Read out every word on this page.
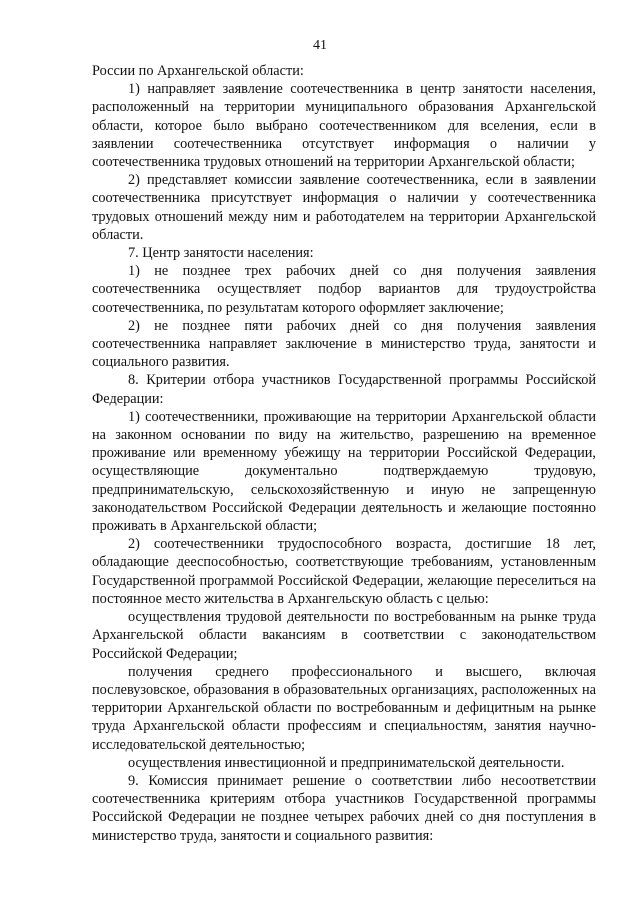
41

России по Архангельской области:

1) направляет заявление соотечественника в центр занятости населения, расположенный на территории муниципального образования Архангельской области, которое было выбрано соотечественником для вселения, если в заявлении соотечественника отсутствует информация о наличии у соотечественника трудовых отношений на территории Архангельской области;

2) представляет комиссии заявление соотечественника, если в заявлении соотечественника присутствует информация о наличии у соотечественника трудовых отношений между ним и работодателем на территории Архангельской области.

7. Центр занятости населения:

1) не позднее трех рабочих дней со дня получения заявления соотечественника осуществляет подбор вариантов для трудоустройства соотечественника, по результатам которого оформляет заключение;

2) не позднее пяти рабочих дней со дня получения заявления соотечественника направляет заключение в министерство труда, занятости и социального развития.

8. Критерии отбора участников Государственной программы Российской Федерации:

1) соотечественники, проживающие на территории Архангельской области на законном основании по виду на жительство, разрешению на временное проживание или временному убежищу на территории Российской Федерации, осуществляющие документально подтверждаемую трудовую, предпринимательскую, сельскохозяйственную и иную не запрещенную законодательством Российской Федерации деятельность и желающие постоянно проживать в Архангельской области;

2) соотечественники трудоспособного возраста, достигшие 18 лет, обладающие дееспособностью, соответствующие требованиям, установленным Государственной программой Российской Федерации, желающие переселиться на постоянное место жительства в Архангельскую область с целью:

осуществления трудовой деятельности по востребованным на рынке труда Архангельской области вакансиям в соответствии с законодательством Российской Федерации;

получения среднего профессионального и высшего, включая послевузовское, образования в образовательных организациях, расположенных на территории Архангельской области по востребованным и дефицитным на рынке труда Архангельской области профессиям и специальностям, занятия научно-исследовательской деятельностью;

осуществления инвестиционной и предпринимательской деятельности.

9. Комиссия принимает решение о соответствии либо несоответствии соотечественника критериям отбора участников Государственной программы Российской Федерации не позднее четырех рабочих дней со дня поступления в министерство труда, занятости и социального развития:
